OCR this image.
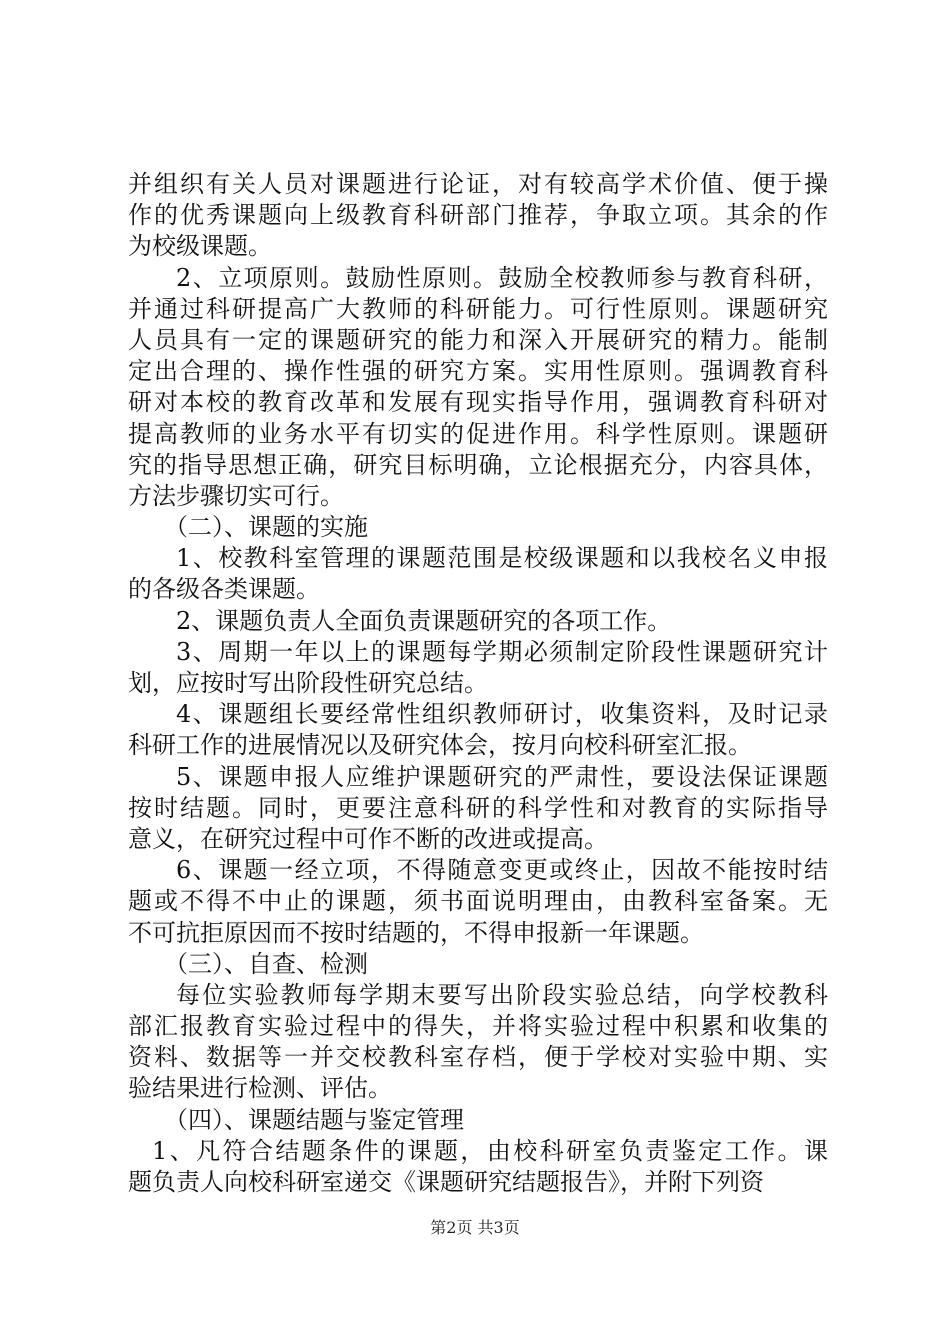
并组织有关人员对课题进行论证，对有较高学术价值、便于操
作的优秀课题向上级教育科研部门推荐，争取立项。其余的作
为校级课题。
2、立项原则。鼓励性原则。鼓励全校教师参与教育科研，
并通过科研提高广大教师的科研能力。可行性原则。课题研究
人员具有一定的课题研究的能力和深入开展研究的精力。能制
定出合理的、操作性强的研究方案。实用性原则。强调教育科
研对本校的教育改革和发展有现实指导作用，强调教育科研对
提高教师的业务水平有切实的促进作用。科学性原则。课题研
究的指导思想正确，研究目标明确，立论根据充分，内容具体，
方法步骤切实可行。
（二）、课题的实施
1、校教科室管理的课题范围是校级课题和以我校名义申报
的各级各类课题。
2、课题负责人全面负责课题研究的各项工作。
3、周期一年以上的课题每学期必须制定阶段性课题研究计
划，应按时写出阶段性研究总结。
4、课题组长要经常性组织教师研讨，收集资料，及时记录
科研工作的进展情况以及研究体会，按月向校科研室汇报。
5、课题申报人应维护课题研究的严肃性，要设法保证课题
按时结题。同时，更要注意科研的科学性和对教育的实际指导
意义，在研究过程中可作不断的改进或提高。
6、课题一经立项，不得随意变更或终止，因故不能按时结
题或不得不中止的课题，须书面说明理由，由教科室备案。无
不可抗拒原因而不按时结题的，不得申报新一年课题。
（三）、自查、检测
每位实验教师每学期末要写出阶段实验总结，向学校教科
部汇报教育实验过程中的得失，并将实验过程中积累和收集的
资料、数据等一并交校教科室存档，便于学校对实验中期、实
验结果进行检测、评估。
（四）、课题结题与鉴定管理
1、凡符合结题条件的课题，由校科研室负责鉴定工作。课
题负责人向校科研室递交《课题研究结题报告》，并附下列资
第2页 共3页
